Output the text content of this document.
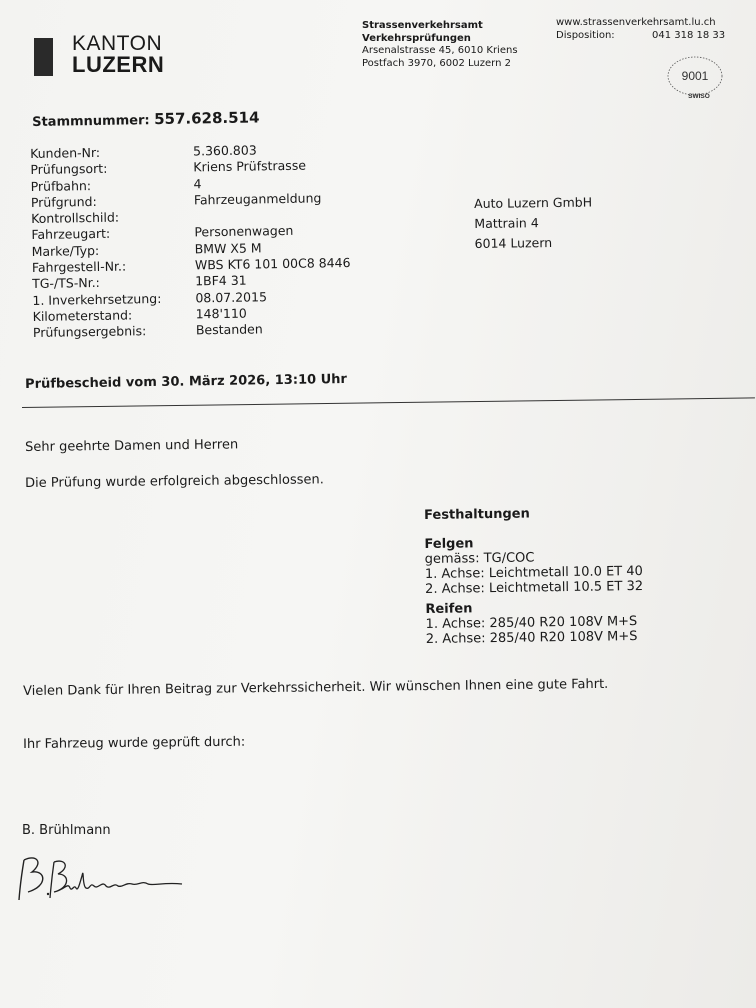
KANTON
LUZERN
Strassenverkehrsamt
Verkehrsprüfungen
Arsenalstrasse 45, 6010 Kriens
Postfach 3970, 6002 Luzern 2
www.strassenverkehrsamt.lu.ch
Disposition:	041 318 18 33
9001
SWISO
Stammnummer: 557.628.514
Kunden-Nr:	5.360.803
Prüfungsort:	Kriens Prüfstrasse
Prüfbahn:	4
Prüfgrund:	Fahrzeuganmeldung
Kontrollschild:
Fahrzeugart:	Personenwagen
Marke/Typ:	BMW X5 M
Fahrgestell-Nr.:	WBS KT6 101 00C8 8446
TG-/TS-Nr.:	1BF4 31
1. Inverkehrsetzung:	08.07.2015
Kilometerstand:	148'110
Prüfungsergebnis:	Bestanden
Auto Luzern GmbH
Mattrain 4
6014 Luzern
Prüfbescheid vom 30. März 2026, 13:10 Uhr
Sehr geehrte Damen und Herren
Die Prüfung wurde erfolgreich abgeschlossen.
Festhaltungen
Felgen
gemäss: TG/COC
1. Achse: Leichtmetall 10.0 ET 40
2. Achse: Leichtmetall 10.5 ET 32
Reifen
1. Achse: 285/40 R20 108V M+S
2. Achse: 285/40 R20 108V M+S
Vielen Dank für Ihren Beitrag zur Verkehrssicherheit. Wir wünschen Ihnen eine gute Fahrt.
Ihr Fahrzeug wurde geprüft durch:
B. Brühlmann
